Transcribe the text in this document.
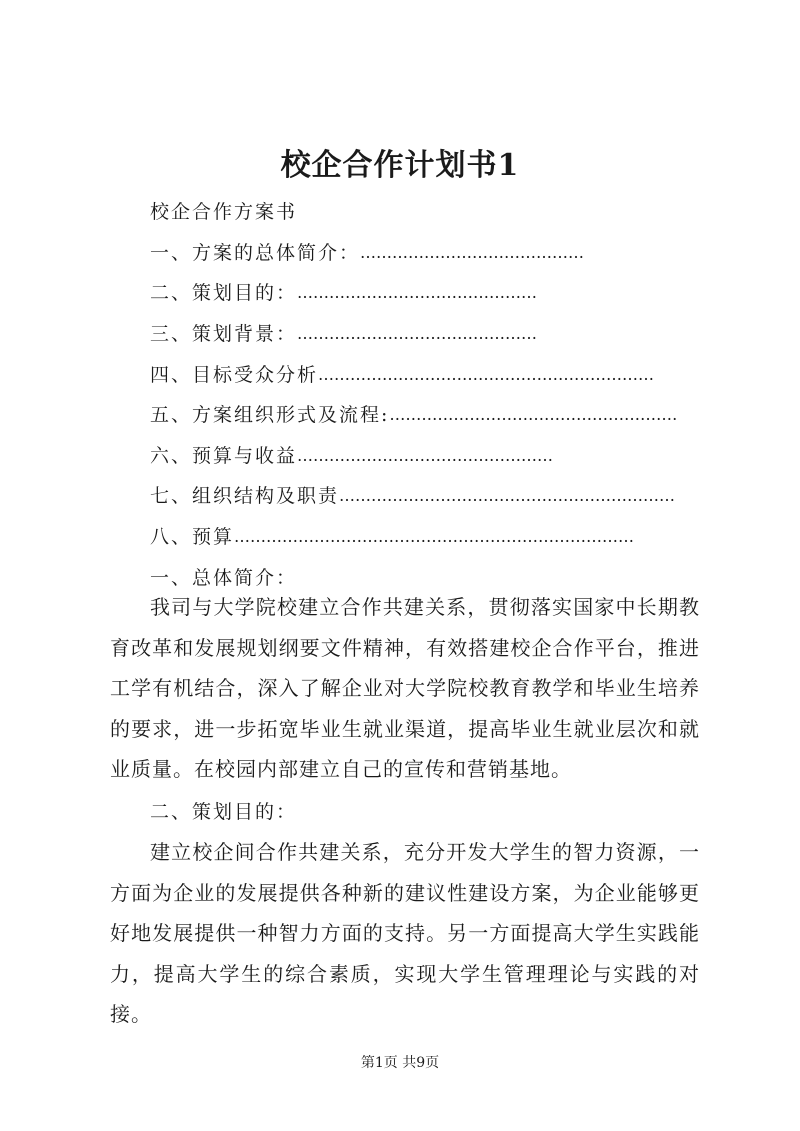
校企合作计划书1
校企合作方案书
一、方案的总体简介： ……………………………………
二、策划目的： ………………………………………
三、策划背景： ………………………………………
四、目标受众分析 ………………………………………………………
五、方案组织形式及流程: ………………………………………………
六、预算与收益 …………………………………………
七、组织结构及职责 ………………………………………………………
八、预算 …………………………………………………………………
一、总体简介：

我司与大学院校建立合作共建关系，贯彻落实国家中长期教育改革和发展规划纲要文件精神，有效搭建校企合作平台，推进工学有机结合，深入了解企业对大学院校教育教学和毕业生培养的要求，进一步拓宽毕业生就业渠道，提高毕业生就业层次和就业质量。在校园内部建立自己的宣传和营销基地。

二、策划目的：

建立校企间合作共建关系，充分开发大学生的智力资源，一方面为企业的发展提供各种新的建议性建设方案，为企业能够更好地发展提供一种智力方面的支持。另一方面提高大学生实践能力，提高大学生的综合素质，实现大学生管理理论与实践的对接。

第1页 共9页
